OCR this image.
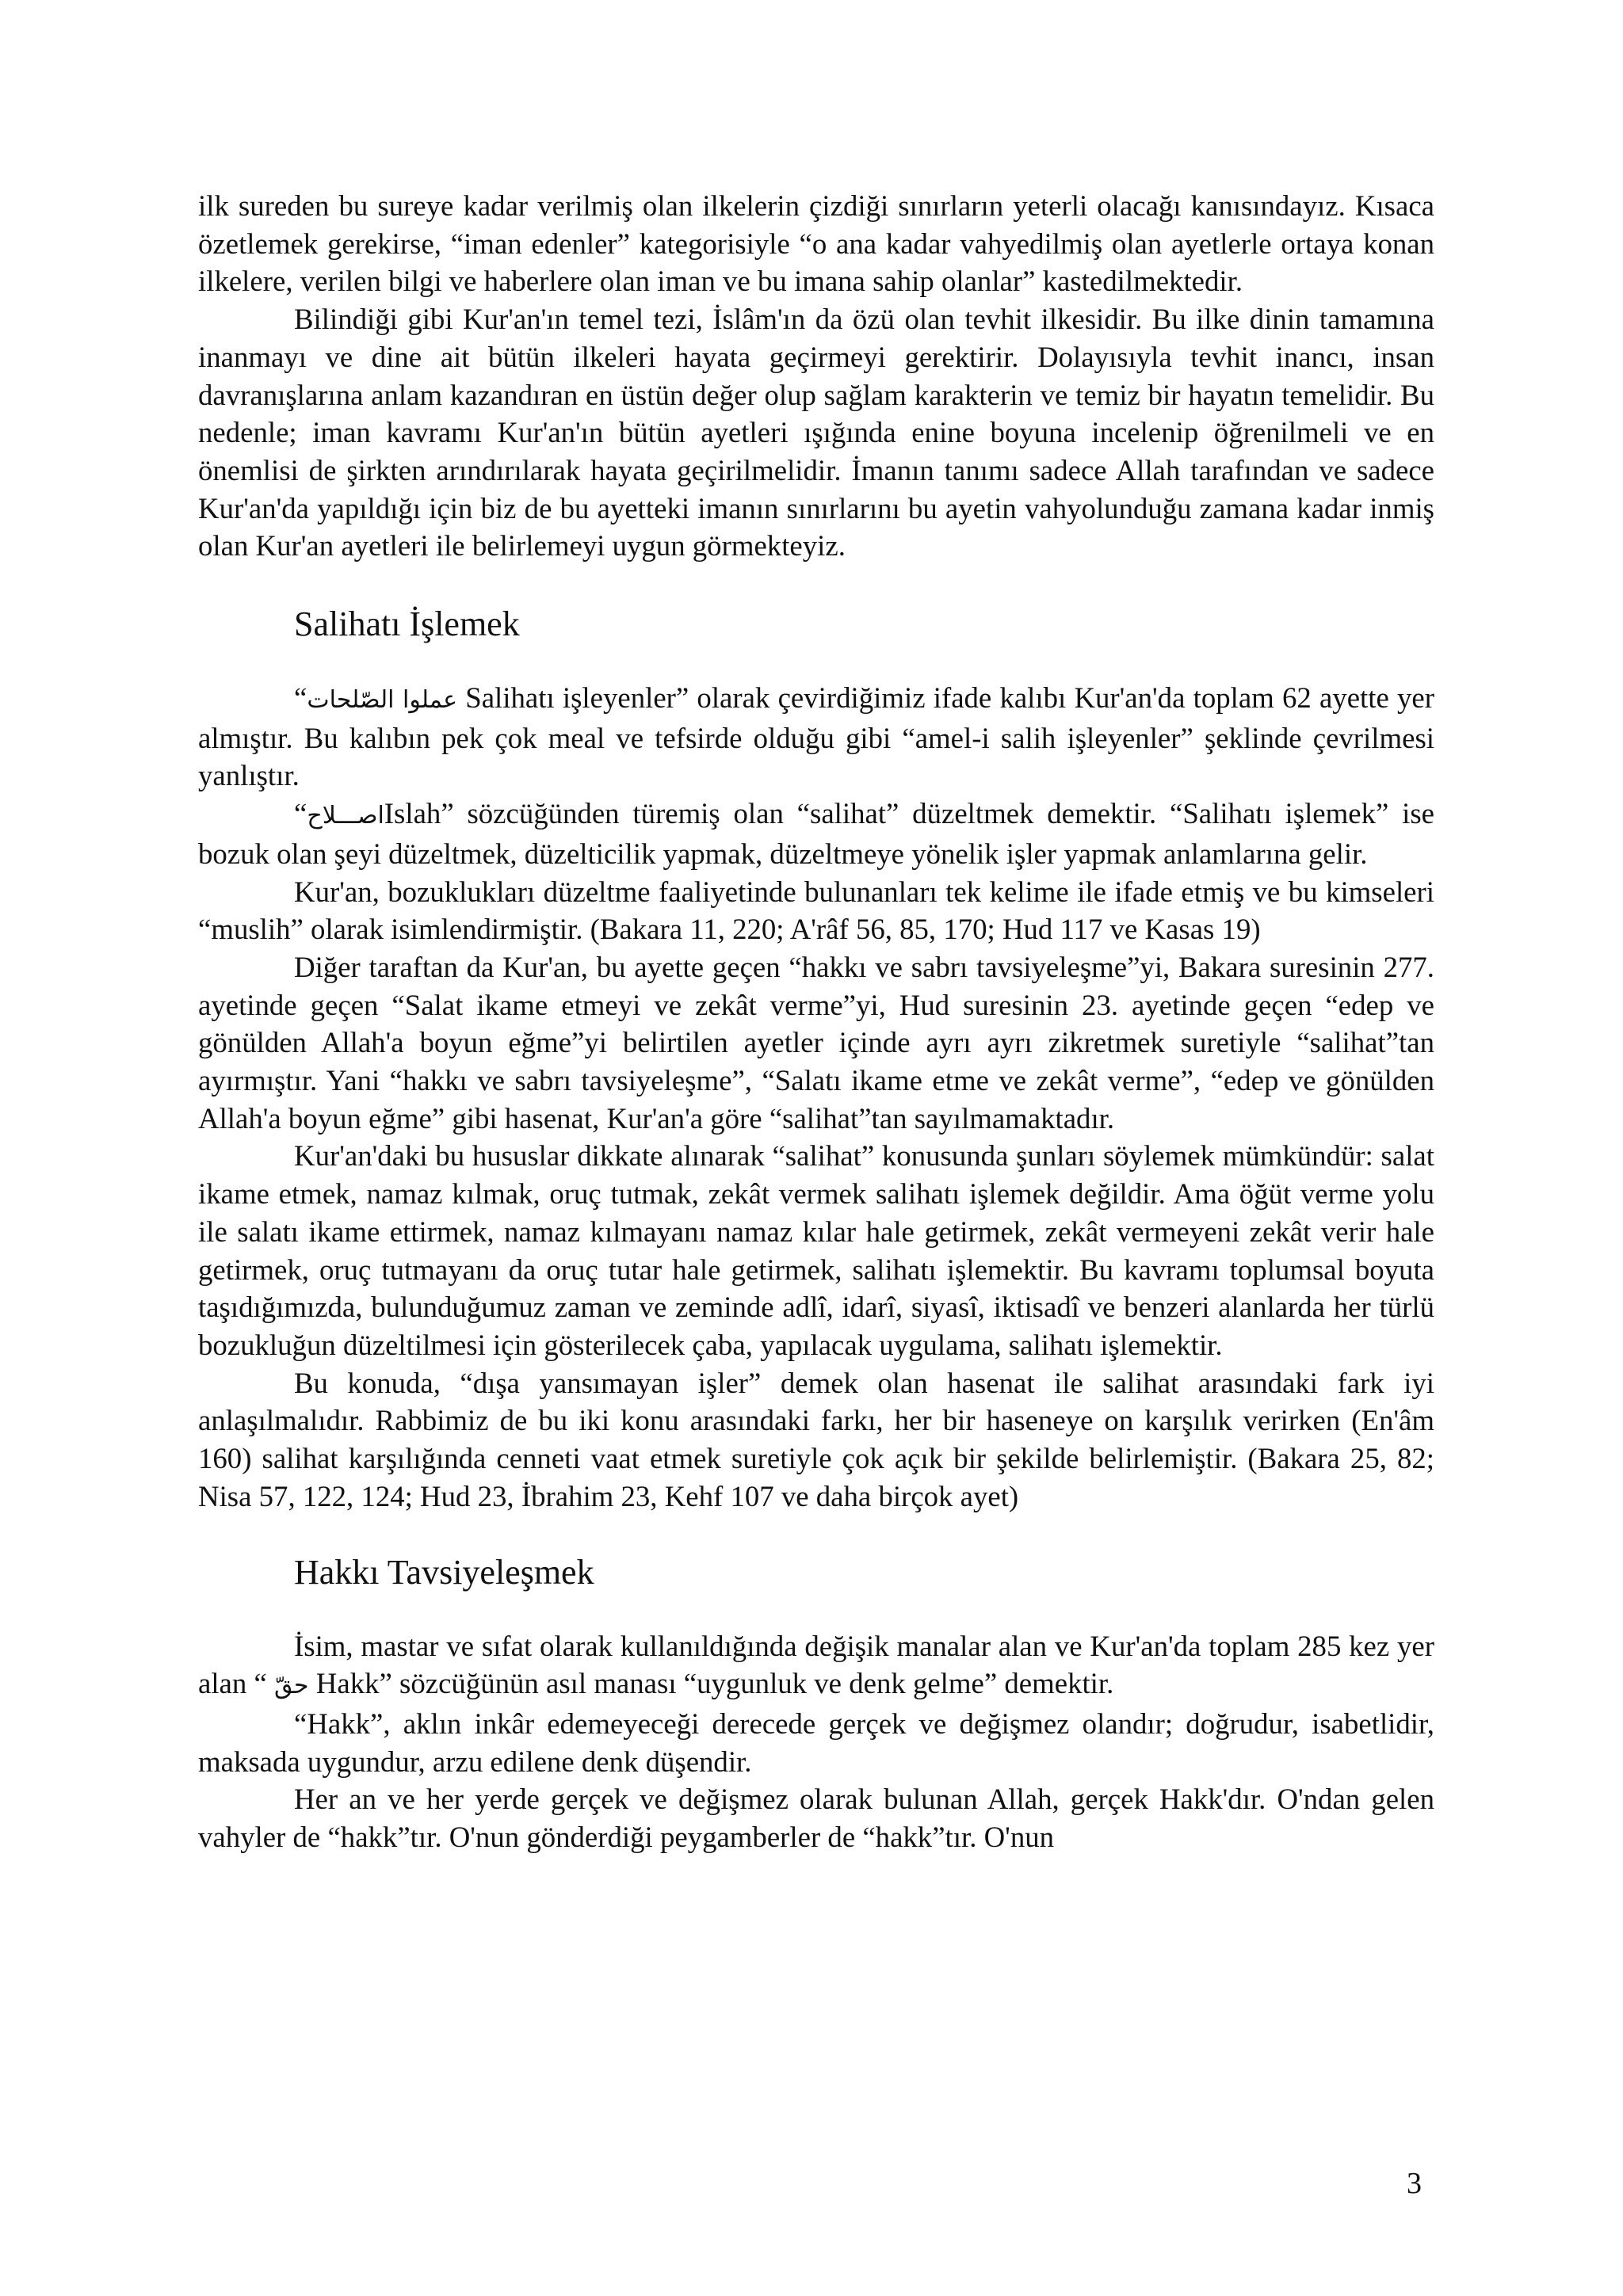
ilk sureden bu sureye kadar verilmiş olan ilkelerin çizdiği sınırların yeterli olacağı kanısındayız. Kısaca özetlemek gerekirse, “iman edenler” kategorisiyle “o ana kadar vahyedilmiş olan ayetlerle ortaya konan ilkelere, verilen bilgi ve haberlere olan iman ve bu imana sahip olanlar” kastedilmektedir.

Bilindiği gibi Kur'an'ın temel tezi, İslâm'ın da özü olan tevhit ilkesidir. Bu ilke dinin tamamına inanmayı ve dine ait bütün ilkeleri hayata geçirmeyi gerektirir. Dolayısıyla tevhit inancı, insan davranışlarına anlam kazandıran en üstün değer olup sağlam karakterin ve temiz bir hayatın temelidir. Bu nedenle; iman kavramı Kur'an'ın bütün ayetleri ışığında enine boyuna incelenip öğrenilmeli ve en önemlisi de şirkten arındırılarak hayata geçirilmelidir. İmanın tanımı sadece Allah tarafından ve sadece Kur'an'da yapıldığı için biz de bu ayetteki imanın sınırlarını bu ayetin vahyolunduğu zamana kadar inmiş olan Kur'an ayetleri ile belirlemeyi uygun görmekteyiz.

Salihatı İşlemek

“عملوا الصّلحات Salihatı işleyenler” olarak çevirdiğimiz ifade kalıbı Kur'an'da toplam 62 ayette yer almıştır. Bu kalıbın pek çok meal ve tefsirde olduğu gibi “amel-i salih işleyenler” şeklinde çevrilmesi yanlıştır.

“اصـــلاحIslah” sözcüğünden türemiş olan “salihat” düzeltmek demektir. “Salihatı işlemek” ise bozuk olan şeyi düzeltmek, düzelticilik yapmak, düzeltmeye yönelik işler yapmak anlamlarına gelir.

Kur'an, bozuklukları düzeltme faaliyetinde bulunanları tek kelime ile ifade etmiş ve bu kimseleri “muslih” olarak isimlendirmiştir. (Bakara 11, 220; A'râf 56, 85, 170; Hud 117 ve Kasas 19)

Diğer taraftan da Kur'an, bu ayette geçen “hakkı ve sabrı tavsiyeleşme”yi, Bakara suresinin 277. ayetinde geçen “Salat ikame etmeyi ve zekât verme”yi, Hud suresinin 23. ayetinde geçen “edep ve gönülden Allah'a boyun eğme”yi belirtilen ayetler içinde ayrı ayrı zikretmek suretiyle “salihat”tan ayırmıştır. Yani “hakkı ve sabrı tavsiyeleşme”, “Salatı ikame etme ve zekât verme”, “edep ve gönülden Allah'a boyun eğme” gibi hasenat, Kur'an'a göre “salihat”tan sayılmamaktadır.

Kur'an'daki bu hususlar dikkate alınarak “salihat” konusunda şunları söylemek mümkündür: salat ikame etmek, namaz kılmak, oruç tutmak, zekât vermek salihatı işlemek değildir. Ama öğüt verme yolu ile salatı ikame ettirmek, namaz kılmayanı namaz kılar hale getirmek, zekât vermeyeni zekât verir hale getirmek, oruç tutmayanı da oruç tutar hale getirmek, salihatı işlemektir. Bu kavramı toplumsal boyuta taşıdığımızda, bulunduğumuz zaman ve zeminde adlî, idarî, siyasî, iktisadî ve benzeri alanlarda her türlü bozukluğun düzeltilmesi için gösterilecek çaba, yapılacak uygulama, salihatı işlemektir.

Bu konuda, “dışa yansımayan işler” demek olan hasenat ile salihat arasındaki fark iyi anlaşılmalıdır. Rabbimiz de bu iki konu arasındaki farkı, her bir haseneye on karşılık verirken (En'âm 160) salihat karşılığında cenneti vaat etmek suretiyle çok açık bir şekilde belirlemiştir. (Bakara 25, 82; Nisa 57, 122, 124; Hud 23, İbrahim 23, Kehf 107 ve daha birçok ayet)

Hakkı Tavsiyeleşmek

İsim, mastar ve sıfat olarak kullanıldığında değişik manalar alan ve Kur'an'da toplam 285 kez yer alan “ حقّ Hakk” sözcüğünün asıl manası “uygunluk ve denk gelme” demektir.

“Hakk”, aklın inkâr edemeyeceği derecede gerçek ve değişmez olandır; doğrudur, isabetlidir, maksada uygundur, arzu edilene denk düşendir.

Her an ve her yerde gerçek ve değişmez olarak bulunan Allah, gerçek Hakk'dır. O'ndan gelen vahyler de “hakk”tır. O'nun gönderdiği peygamberler de “hakk”tır. O'nun

3
